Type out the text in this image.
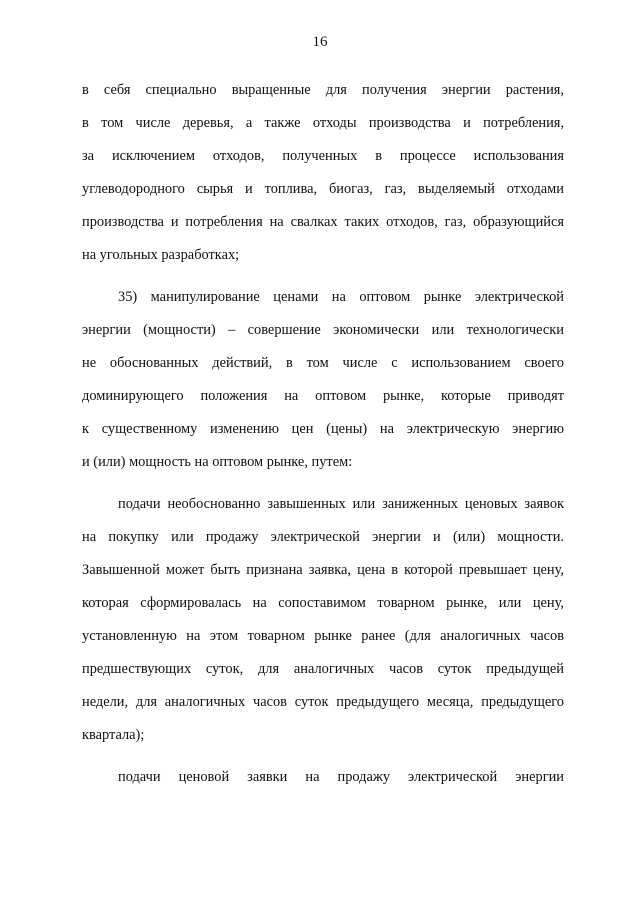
16
в себя специально выращенные для получения энергии растения,
в том числе деревья, а также отходы производства и потребления,
за исключением отходов, полученных в процессе использования
углеводородного сырья и топлива, биогаз, газ, выделяемый отходами
производства и потребления на свалках таких отходов, газ, образующийся
на угольных разработках;
35) манипулирование ценами на оптовом рынке электрической
энергии (мощности) – совершение экономически или технологически
не обоснованных действий, в том числе с использованием своего
доминирующего положения на оптовом рынке, которые приводят
к существенному изменению цен (цены) на электрическую энергию
и (или) мощность на оптовом рынке, путем:
подачи необоснованно завышенных или заниженных ценовых заявок
на покупку или продажу электрической энергии и (или) мощности.
Завышенной может быть признана заявка, цена в которой превышает цену,
которая сформировалась на сопоставимом товарном рынке, или цену,
установленную на этом товарном рынке ранее (для аналогичных часов
предшествующих суток, для аналогичных часов суток предыдущей
недели, для аналогичных часов суток предыдущего месяца, предыдущего
квартала);
подачи ценовой заявки на продажу электрической энергии
